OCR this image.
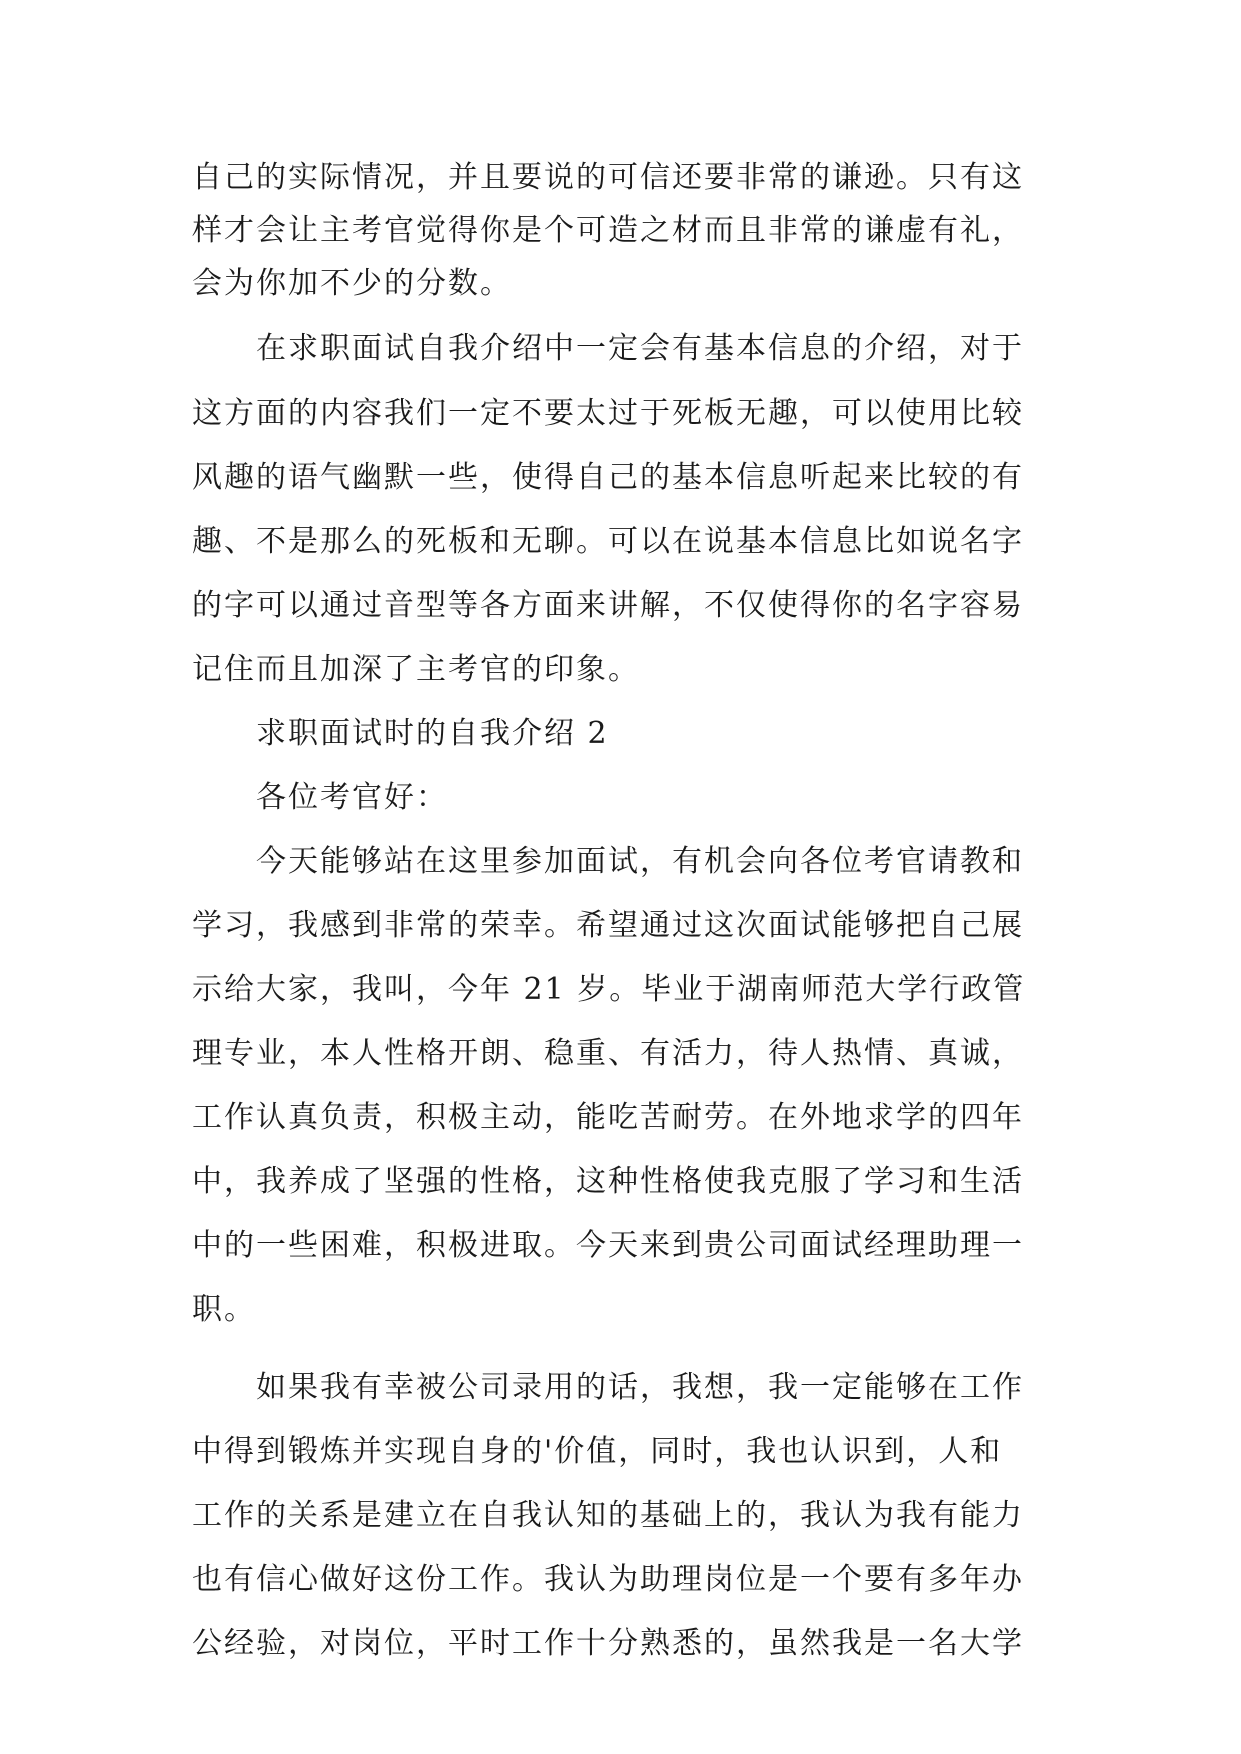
自己的实际情况，并且要说的可信还要非常的谦逊。只有这
样才会让主考官觉得你是个可造之材而且非常的谦虚有礼，
会为你加不少的分数。
在求职面试自我介绍中一定会有基本信息的介绍，对于
这方面的内容我们一定不要太过于死板无趣，可以使用比较
风趣的语气幽默一些，使得自己的基本信息听起来比较的有
趣、不是那么的死板和无聊。可以在说基本信息比如说名字
的字可以通过音型等各方面来讲解，不仅使得你的名字容易
记住而且加深了主考官的印象。
求职面试时的自我介绍 2
各位考官好：
今天能够站在这里参加面试，有机会向各位考官请教和
学习，我感到非常的荣幸。希望通过这次面试能够把自己展
示给大家，我叫，今年 21 岁。毕业于湖南师范大学行政管
理专业，本人性格开朗、稳重、有活力，待人热情、真诚，
工作认真负责，积极主动，能吃苦耐劳。在外地求学的四年
中，我养成了坚强的性格，这种性格使我克服了学习和生活
中的一些困难，积极进取。今天来到贵公司面试经理助理一
职。
如果我有幸被公司录用的话，我想，我一定能够在工作
中得到锻炼并实现自身的'价值，同时，我也认识到，人和
工作的关系是建立在自我认知的基础上的，我认为我有能力
也有信心做好这份工作。我认为助理岗位是一个要有多年办
公经验，对岗位，平时工作十分熟悉的，虽然我是一名大学
